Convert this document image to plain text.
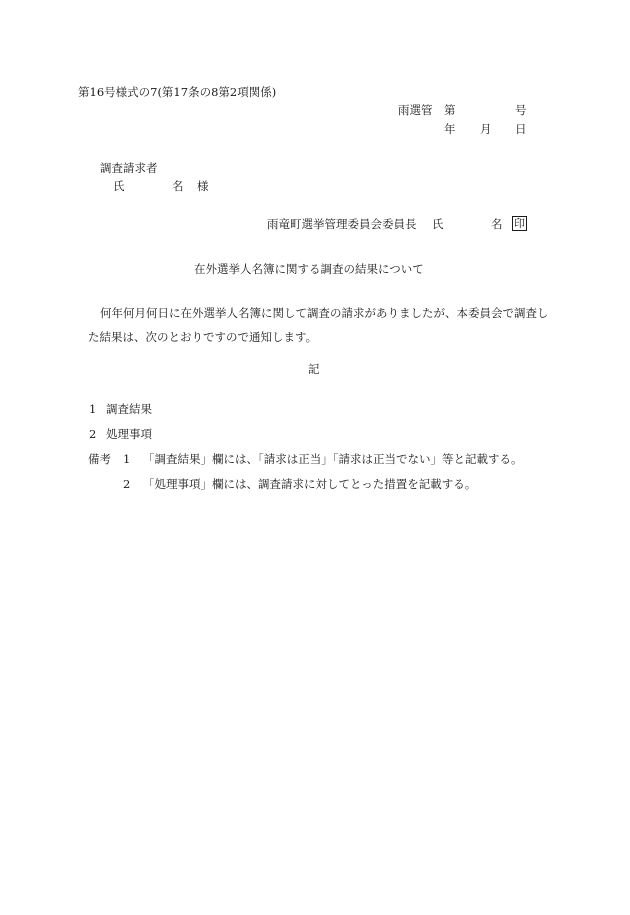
第16号様式の7(第17条の8第2項関係)
雨選管 第	号
年 月 日
調査請求者
氏	名 様
雨竜町選挙管理委員会委員長 氏	名 印
在外選挙人名簿に関する調査の結果について
何年何月何日に在外選挙人名簿に関して調査の請求がありましたが、本委員会で調査した結果は、次のとおりですので通知します。
記
1 調査結果
2 処理事項
備考 1 「調査結果」欄には、「請求は正当」「請求は正当でない」等と記載する。
2 「処理事項」欄には、調査請求に対してとった措置を記載する。
